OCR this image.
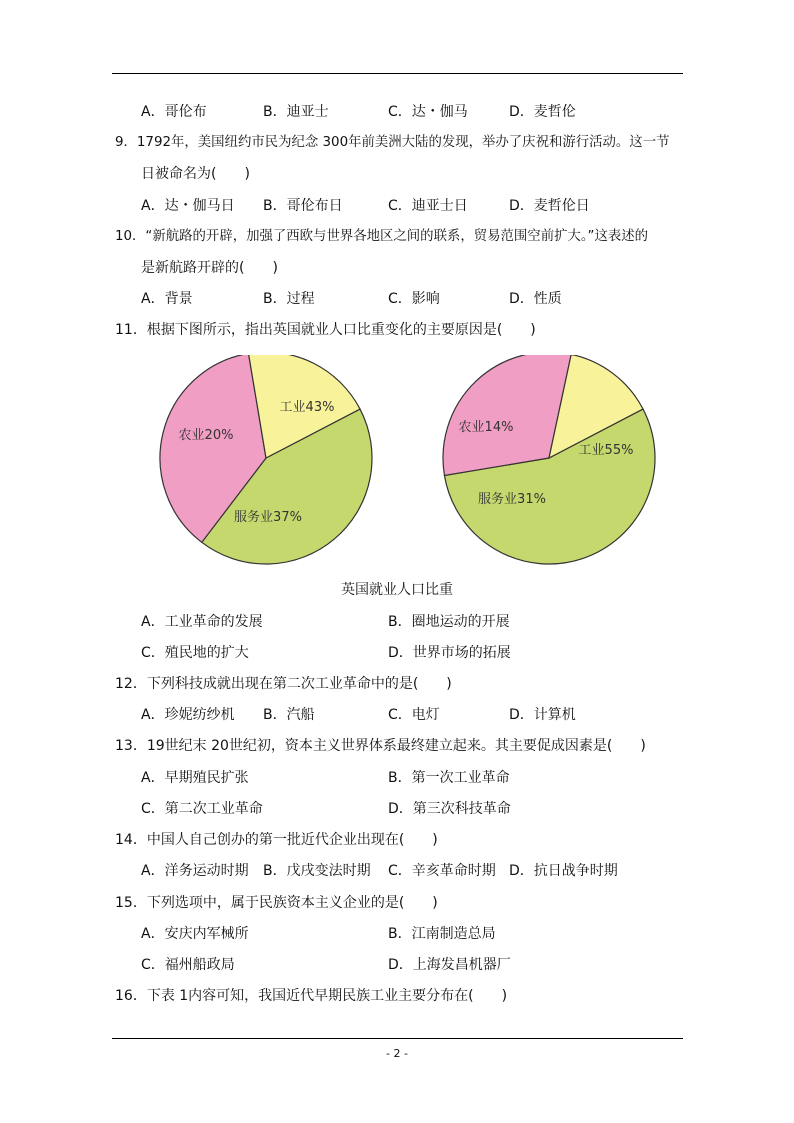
A．哥伦布	B．迪亚士	C．达・伽马	D．麦哲伦
9．1792年，美国纽约市民为纪念 300年前美洲大陆的发现，举办了庆祝和游行活动。这一节
日被命名为(　　)
A．达・伽马日 B．哥伦布日	C．迪亚士日	D．麦哲伦日
10．“新航路的开辟，加强了西欧与世界各地区之间的联系，贸易范围空前扩大。”这表述的
是新航路开辟的(　　)
A．背景	B．过程	C．影响	D．性质
11．根据下图所示，指出英国就业人口比重变化的主要原因是(　　)
工业43%
服务业37%
农业20%
工业55%
服务业31%
农业14%
英国就业人口比重
A．工业革命的发展	B．圈地运动的开展
C．殖民地的扩大	D．世界市场的拓展
12．下列科技成就出现在第二次工业革命中的是(　　)
A．珍妮纺纱机 B．汽船	C．电灯	D．计算机
13．19世纪末 20世纪初，资本主义世界体系最终建立起来。其主要促成因素是(　　)
A．早期殖民扩张	B．第一次工业革命
C．第二次工业革命	D．第三次科技革命
14．中国人自己创办的第一批近代企业出现在(　　)
A．洋务运动时期 B．戊戌变法时期 C．辛亥革命时期 D．抗日战争时期
15．下列选项中，属于民族资本主义企业的是(　　)
A．安庆内军械所	B．江南制造总局
C．福州船政局	D．上海发昌机器厂
16．下表 1内容可知，我国近代早期民族工业主要分布在(　　)
- 2 -
